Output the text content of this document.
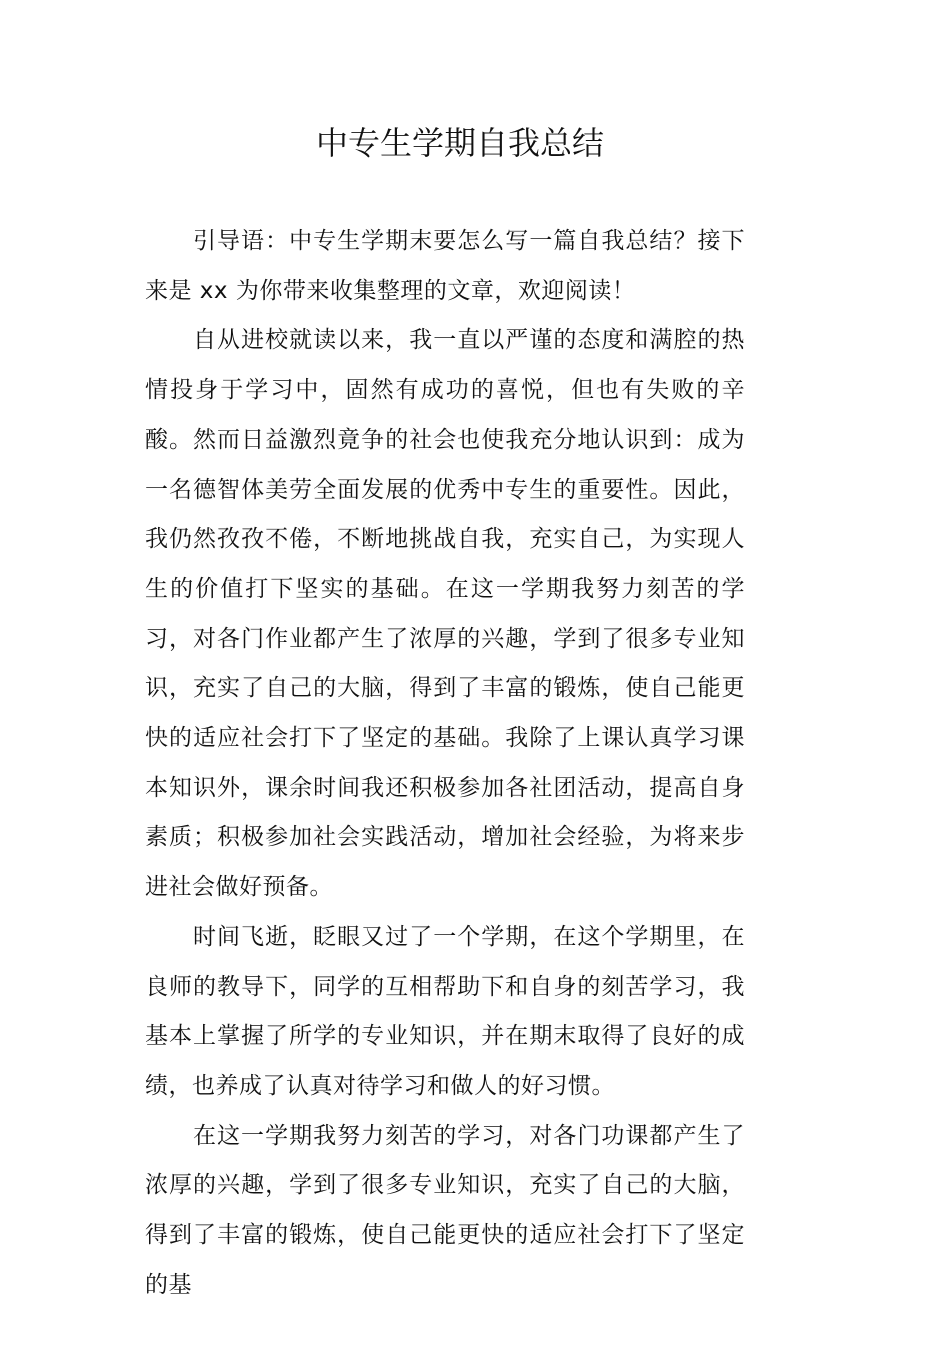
中专生学期自我总结

引导语：中专生学期末要怎么写一篇自我总结？接下来是 xx 为你带来收集整理的文章，欢迎阅读！

自从进校就读以来，我一直以严谨的态度和满腔的热情投身于学习中，固然有成功的喜悦，但也有失败的辛酸。然而日益激烈竟争的社会也使我充分地认识到：成为一名德智体美劳全面发展的优秀中专生的重要性。因此，我仍然孜孜不倦，不断地挑战自我，充实自己，为实现人生的价值打下坚实的基础。在这一学期我努力刻苦的学习，对各门作业都产生了浓厚的兴趣，学到了很多专业知识，充实了自己的大脑，得到了丰富的锻炼，使自己能更快的适应社会打下了坚定的基础。我除了上课认真学习课本知识外，课余时间我还积极参加各社团活动，提高自身素质；积极参加社会实践活动，增加社会经验，为将来步进社会做好预备。

时间飞逝，眨眼又过了一个学期，在这个学期里，在良师的教导下，同学的互相帮助下和自身的刻苦学习，我基本上掌握了所学的专业知识，并在期末取得了良好的成绩，也养成了认真对待学习和做人的好习惯。

在这一学期我努力刻苦的学习，对各门功课都产生了浓厚的兴趣，学到了很多专业知识，充实了自己的大脑，得到了丰富的锻炼，使自己能更快的适应社会打下了坚定的基
